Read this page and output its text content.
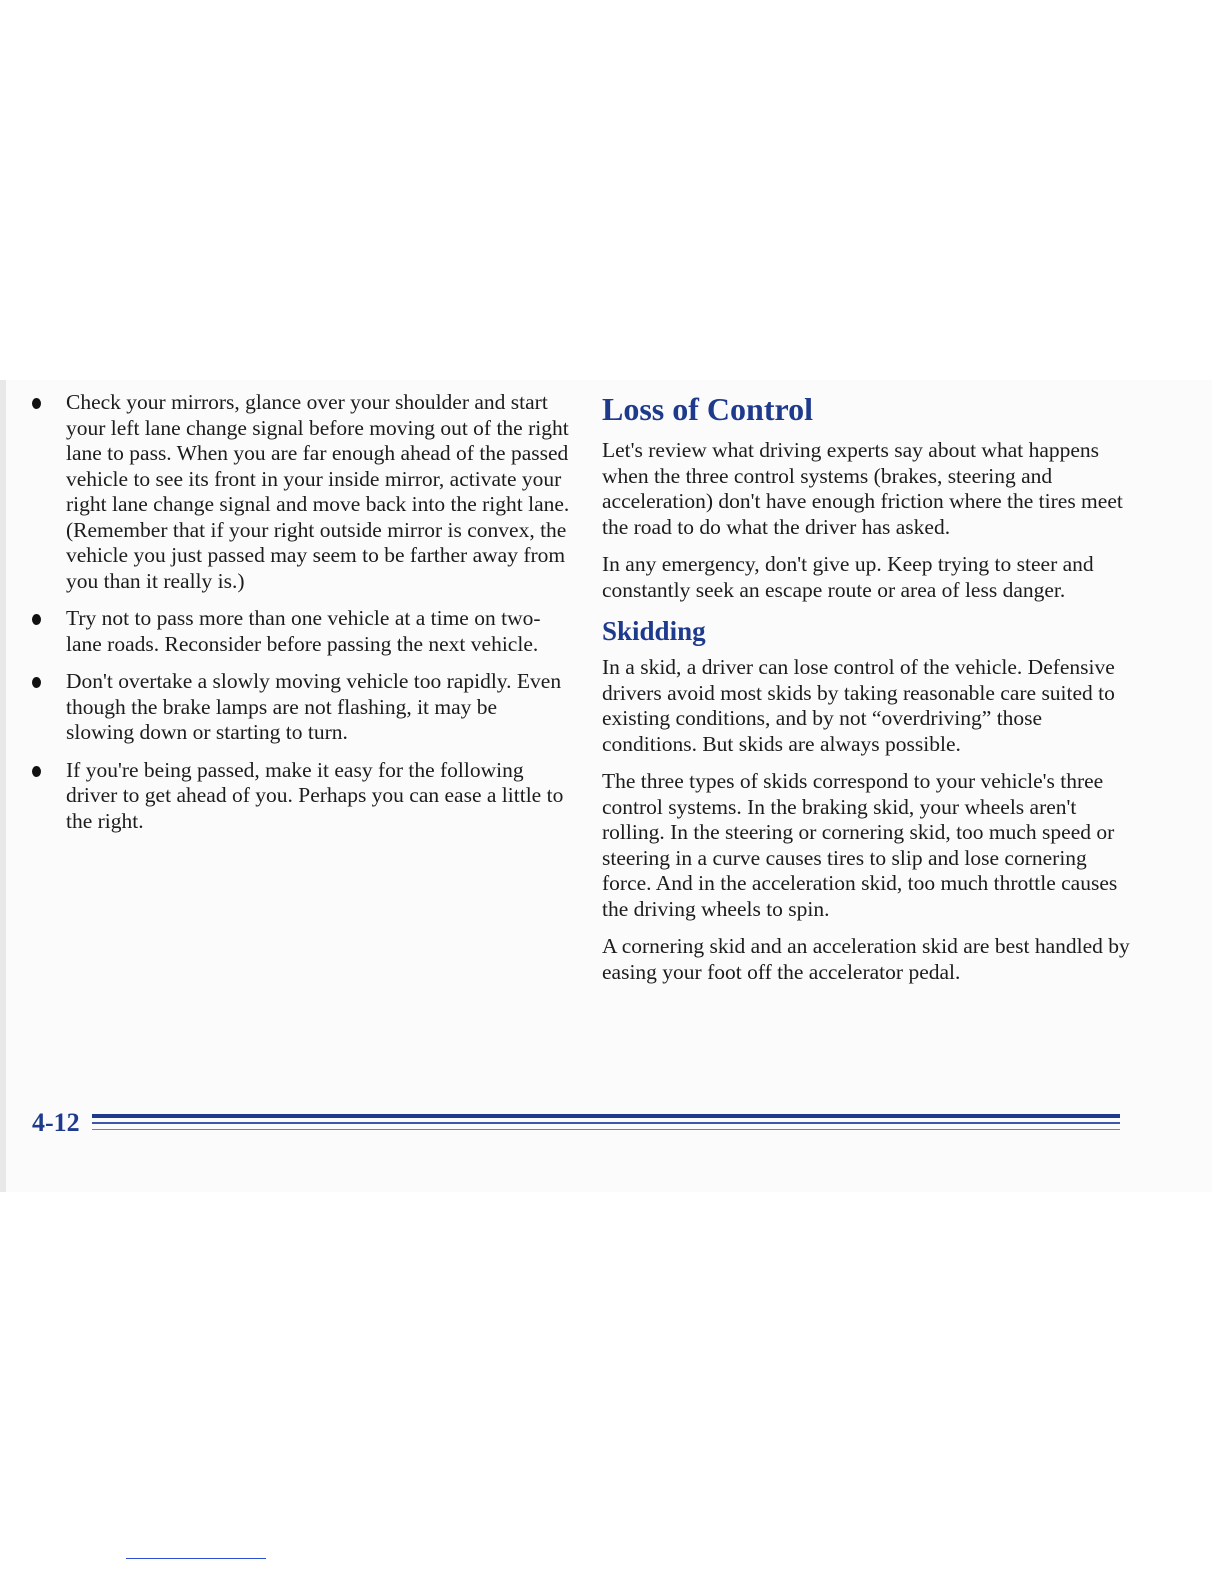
Check your mirrors, glance over your shoulder and start your left lane change signal before moving out of the right lane to pass. When you are far enough ahead of the passed vehicle to see its front in your inside mirror, activate your right lane change signal and move back into the right lane. (Remember that if your right outside mirror is convex, the vehicle you just passed may seem to be farther away from you than it really is.)
Try not to pass more than one vehicle at a time on two-lane roads. Reconsider before passing the next vehicle.
Don't overtake a slowly moving vehicle too rapidly. Even though the brake lamps are not flashing, it may be slowing down or starting to turn.
If you're being passed, make it easy for the following driver to get ahead of you. Perhaps you can ease a little to the right.
Loss of Control

Let's review what driving experts say about what happens when the three control systems (brakes, steering and acceleration) don't have enough friction where the tires meet the road to do what the driver has asked.

In any emergency, don't give up. Keep trying to steer and constantly seek an escape route or area of less danger.

Skidding

In a skid, a driver can lose control of the vehicle. Defensive drivers avoid most skids by taking reasonable care suited to existing conditions, and by not “overdriving” those conditions. But skids are always possible.

The three types of skids correspond to your vehicle's three control systems. In the braking skid, your wheels aren't rolling. In the steering or cornering skid, too much speed or steering in a curve causes tires to slip and lose cornering force. And in the acceleration skid, too much throttle causes the driving wheels to spin.

A cornering skid and an acceleration skid are best handled by easing your foot off the accelerator pedal.

4-12
